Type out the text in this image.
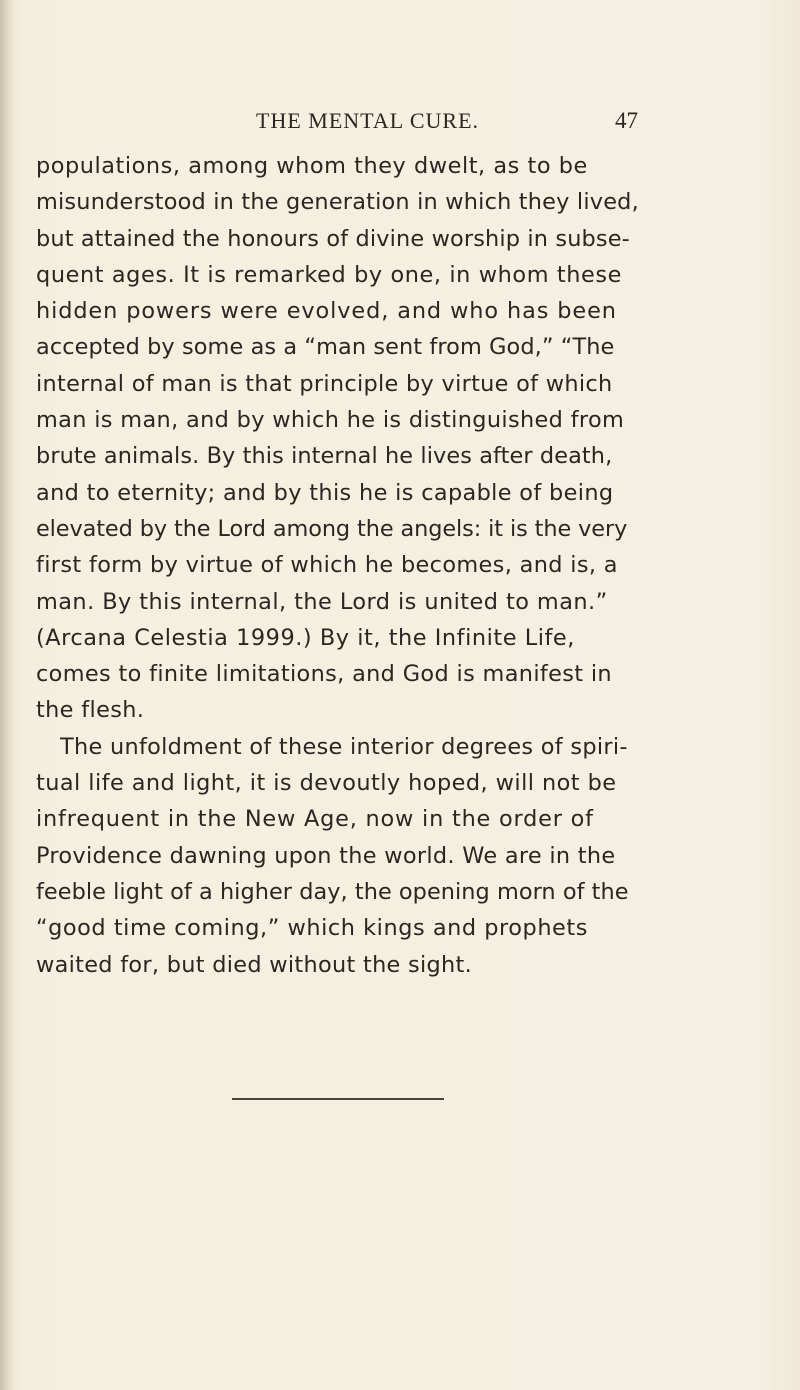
THE MENTAL CURE.	47
populations, among whom they dwelt, as to be
misunderstood in the generation in which they lived,
but attained the honours of divine worship in subse-
quent ages. It is remarked by one, in whom these
hidden powers were evolved, and who has been
accepted by some as a “man sent from God,” “The
internal of man is that principle by virtue of which
man is man, and by which he is distinguished from
brute animals. By this internal he lives after death,
and to eternity; and by this he is capable of being
elevated by the Lord among the angels: it is the very
first form by virtue of which he becomes, and is, a
man. By this internal, the Lord is united to man.”
(Arcana Celestia 1999.) By it, the Infinite Life,
comes to finite limitations, and God is manifest in
the flesh.
The unfoldment of these interior degrees of spiri-
tual life and light, it is devoutly hoped, will not be
infrequent in the New Age, now in the order of
Providence dawning upon the world. We are in the
feeble light of a higher day, the opening morn of the
“good time coming,” which kings and prophets
waited for, but died without the sight.
